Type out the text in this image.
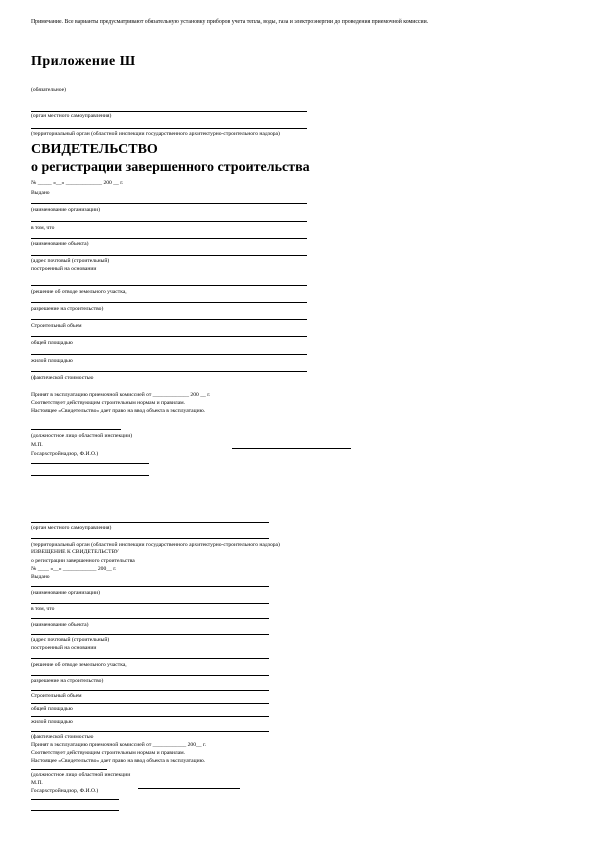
Примечание. Все варианты предусматривают обязательную установку приборов учета тепла, воды, газа и электроэнергии до проведения приемочной комиссии.
Приложение Ш
(обязательное)
(орган местного самоуправления)
(территориальный орган (областной инспекции государственного архитектурно-строительного надзора)
СВИДЕТЕЛЬСТВО
о регистрации завершенного строительства
№ _____ «__» _____________ 200 __ г.
Выдано
(наименование организации)
в том, что
(наименование объекта)
(адрес почтовый (строительный)
построенный на основании
(решение об отводе земельного участка,
разрешение на строительство)
Строительный объем
общей площадью
жилой площадью
(фактической стоимостью
Принят в эксплуатацию приемочной комиссией от _____________ 200 __ г.
Соответствует действующим строительным нормам и правилам.
Настоящее «Свидетельство» дает право на ввод объекта в эксплуатацию.
(должностное лицо областной инспекции)
М.П.
Госархстройнадзор, Ф.И.О.)
(орган местного самоуправления)
(территориальный орган (областной инспекции государственного архитектурно-строительного надзора)
ИЗВЕЩЕНИЕ К СВИДЕТЕЛЬСТВУ
о регистрации завершенного строительства
№ ____ «__» ____________ 200__ г.
Выдано
(наименование организации)
в том, что
(наименование объекта)
(адрес почтовый (строительный)
построенный на основании
(решение об отводе земельного участка,
разрешение на строительство)
Строительный объем
общей площадью
жилой площадью
(фактической стоимостью
Принят в эксплуатацию приемочной комиссией от ____________ 200__ г.
Соответствует действующим строительным нормам и правилам.
Настоящее «Свидетельство» дает право на ввод объекта в эксплуатацию.
(должностное лицо областной инспекции
М.П.
Госархстройнадзор, Ф.И.О.)
